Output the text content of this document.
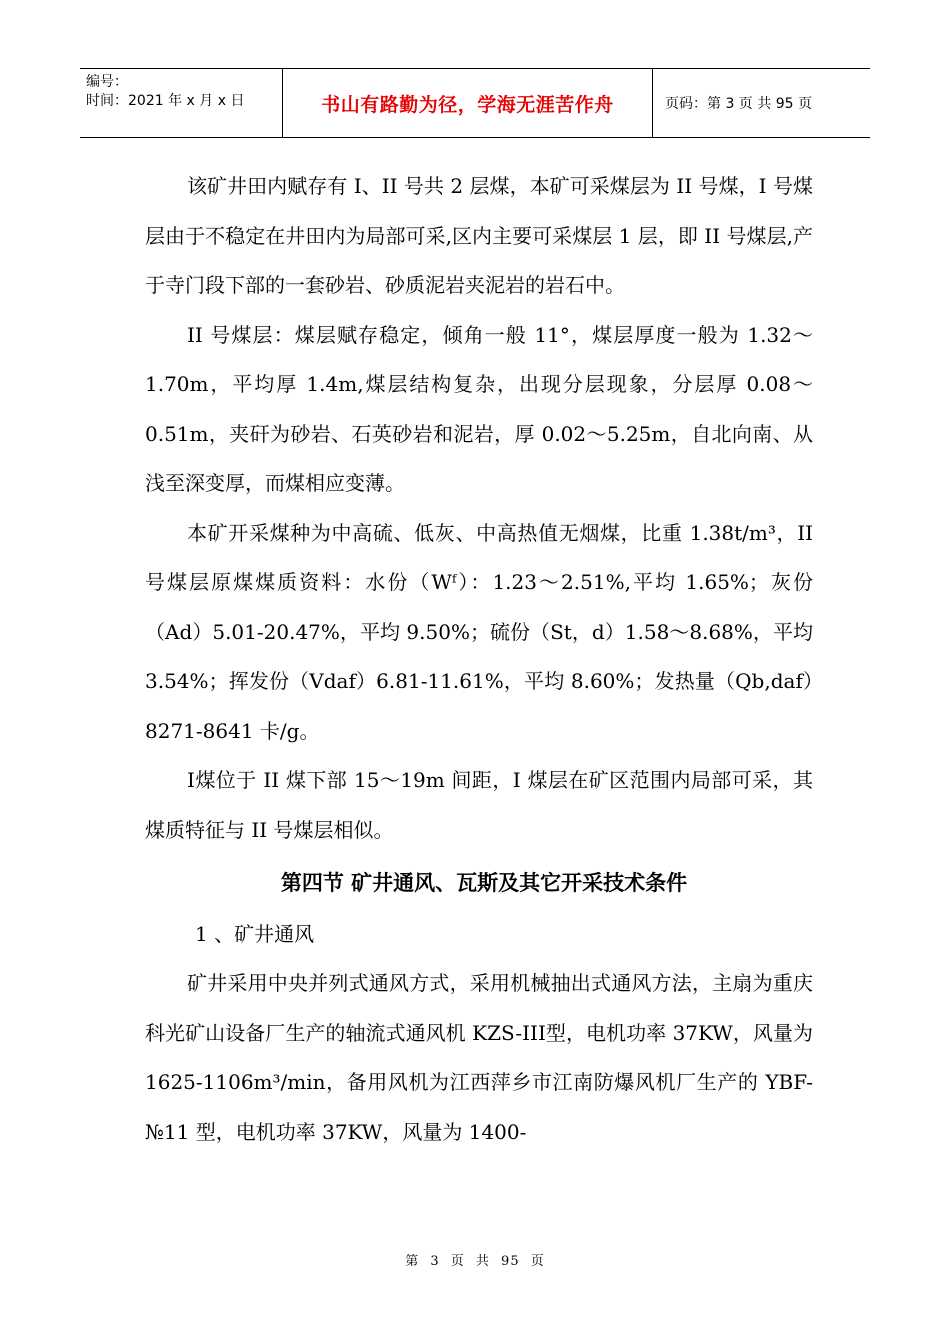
编号：
时间：2021 年 x 月 x 日	书山有路勤为径，学海无涯苦作舟	页码：第 3 页 共 95 页

该矿井田内赋存有 I、II 号共 2 层煤，本矿可采煤层为 II 号煤，I 号煤层由于不稳定在井田内为局部可采,区内主要可采煤层 1 层，即 II 号煤层,产于寺门段下部的一套砂岩、砂质泥岩夹泥岩的岩石中。

II 号煤层：煤层赋存稳定，倾角一般 11°，煤层厚度一般为 1.32～1.70m，平均厚 1.4m,煤层结构复杂，出现分层现象，分层厚 0.08～0.51m，夹矸为砂岩、石英砂岩和泥岩，厚 0.02～5.25m，自北向南、从浅至深变厚，而煤相应变薄。

本矿开采煤种为中高硫、低灰、中高热值无烟煤，比重 1.38t/m³，II 号煤层原煤煤质资料：水份（Wᶠ）：1.23～2.51%,平均 1.65%；灰份（Ad）5.01-20.47%，平均 9.50%；硫份（St，d）1.58～8.68%，平均 3.54%；挥发份（Vdaf）6.81-11.61%，平均 8.60%；发热量（Qb,daf）8271-8641 卡/g。

I煤位于 II 煤下部 15～19m 间距，I 煤层在矿区范围内局部可采，其煤质特征与 II 号煤层相似。

第四节 矿井通风、瓦斯及其它开采技术条件

1 、矿井通风

矿井采用中央并列式通风方式，采用机械抽出式通风方法，主扇为重庆科光矿山设备厂生产的轴流式通风机 KZS-III型，电机功率 37KW，风量为 1625-1106m³/min，备用风机为江西萍乡市江南防爆风机厂生产的 YBF-№11 型，电机功率 37KW，风量为 1400-

第 3 页 共 95 页
